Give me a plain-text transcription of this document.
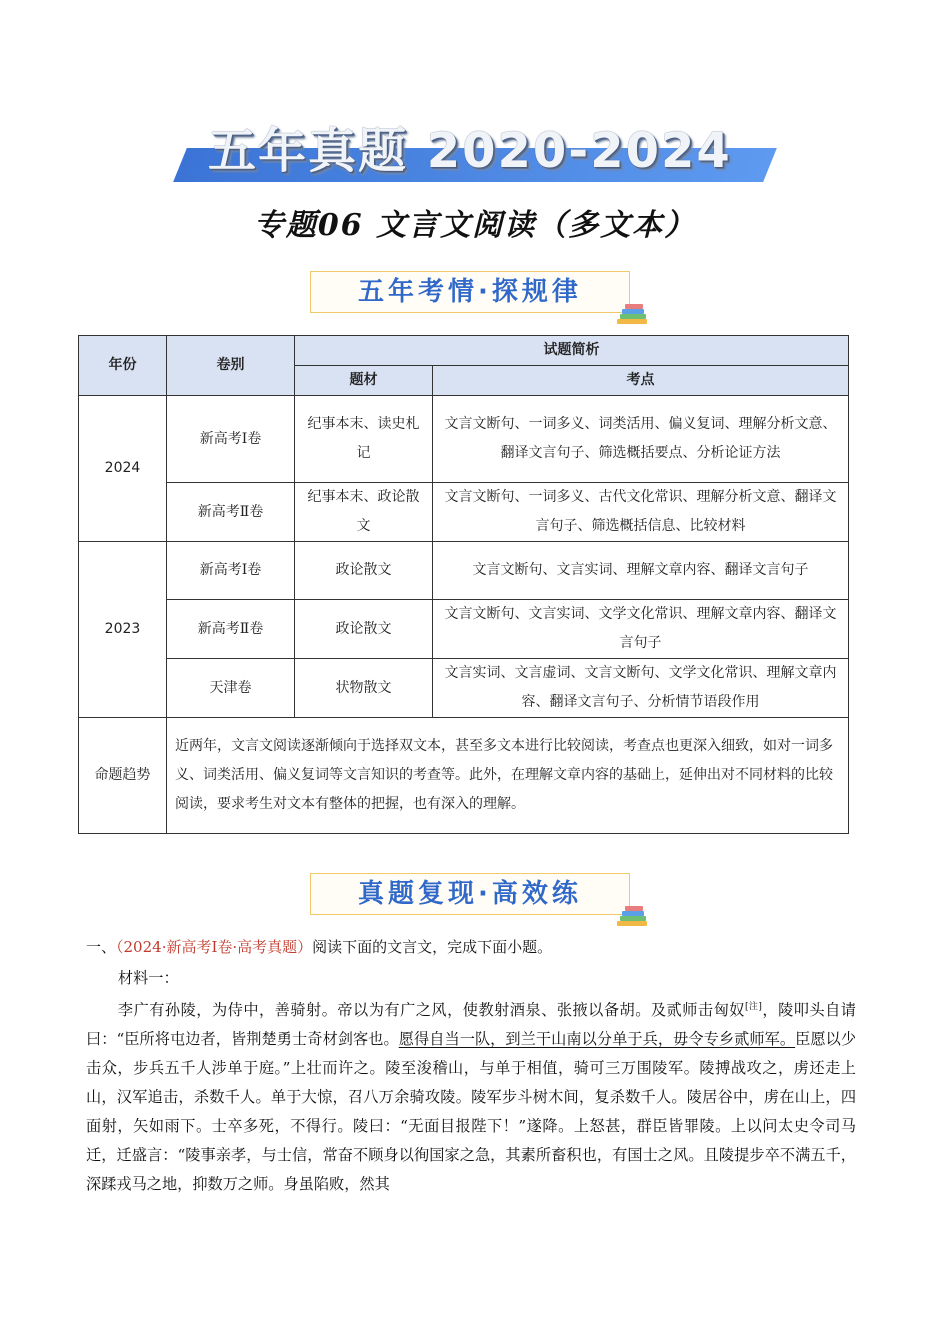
五年真题 2020-2024
专题06 文言文阅读（多文本）
五年考情·探规律
年份	卷别	试题简析	
		题材	考点
2024	新高考Ⅰ卷	纪事本末、读史札记	文言文断句、一词多义、词类活用、偏义复词、理解分析文意、翻译文言句子、筛选概括要点、分析论证方法
	新高考Ⅱ卷	纪事本末、政论散文	文言文断句、一词多义、古代文化常识、理解分析文意、翻译文言句子、筛选概括信息、比较材料
2023	新高考Ⅰ卷	政论散文	文言文断句、文言实词、理解文章内容、翻译文言句子
	新高考Ⅱ卷	政论散文	文言文断句、文言实词、文学文化常识、理解文章内容、翻译文言句子
	天津卷	状物散文	文言实词、文言虚词、文言文断句、文学文化常识、理解文章内容、翻译文言句子、分析情节语段作用
命题趋势	近两年，文言文阅读逐渐倾向于选择双文本，甚至多文本进行比较阅读，考查点也更深入细致，如对一词多义、词类活用、偏义复词等文言知识的考查等。此外，在理解文章内容的基础上，延伸出对不同材料的比较阅读，要求考生对文本有整体的把握，也有深入的理解。		
真题复现·高效练
一、（2024·新高考Ⅰ卷·高考真题）阅读下面的文言文，完成下面小题。
材料一：
李广有孙陵，为侍中，善骑射。帝以为有广之风，使教射酒泉、张掖以备胡。及贰师击匈奴[注]，陵叩头自请曰：“臣所将屯边者，皆荆楚勇士奇材剑客也。愿得自当一队，到兰干山南以分单于兵，毋令专乡贰师军。臣愿以少击众，步兵五千人涉单于庭。”上壮而许之。陵至浚稽山，与单于相值，骑可三万围陵军。陵搏战攻之，虏还走上山，汉军追击，杀数千人。单于大惊，召八万余骑攻陵。陵军步斗树木间，复杀数千人。陵居谷中，虏在山上，四面射，矢如雨下。士卒多死，不得行。陵曰：“无面目报陛下！”遂降。上怒甚，群臣皆罪陵。上以问太史令司马迁，迁盛言：“陵事亲孝，与士信，常奋不顾身以徇国家之急，其素所畜积也，有国士之风。且陵提步卒不满五千，深蹂戎马之地，抑数万之师。身虽陷败，然其
